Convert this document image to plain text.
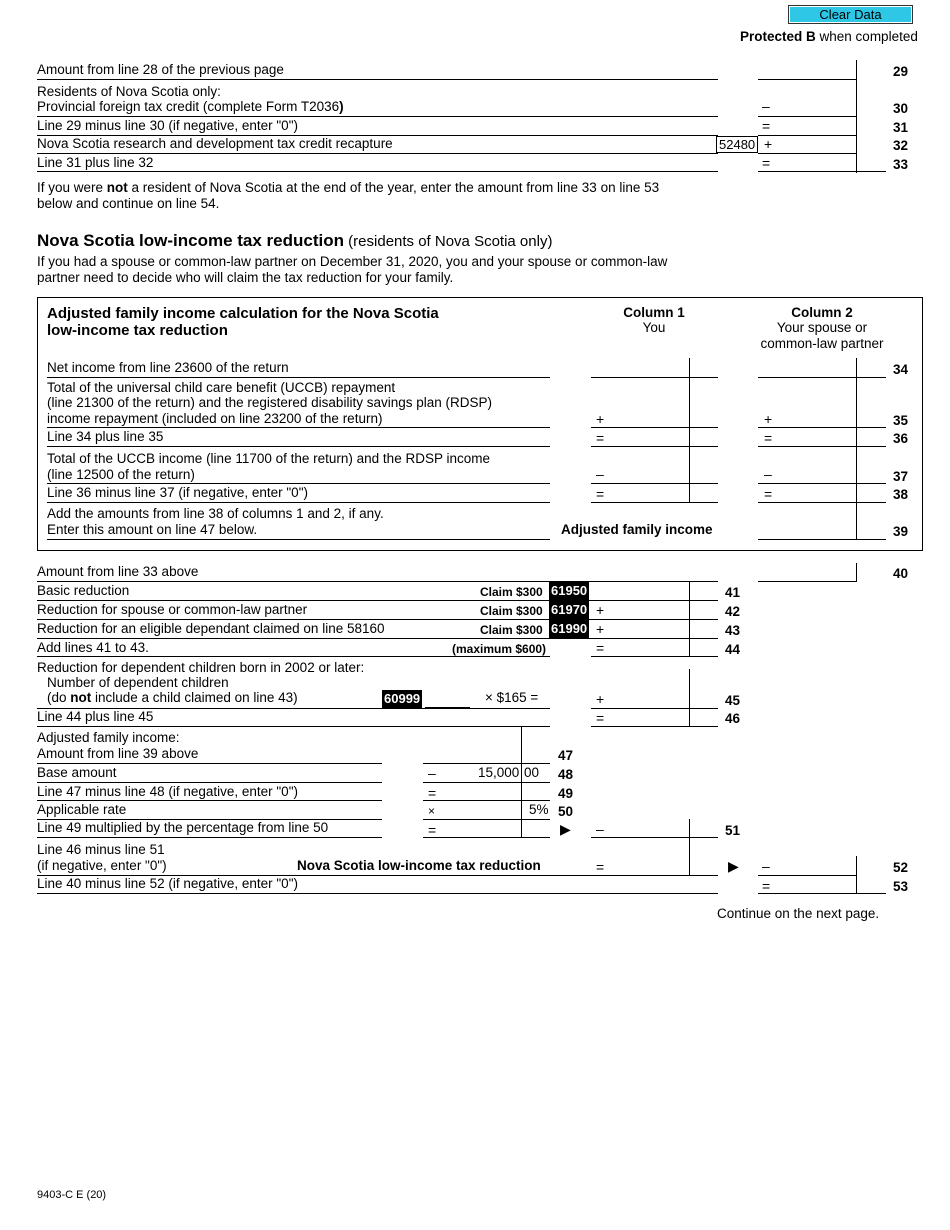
Clear Data
Protected B when completed
Amount from line 28 of the previous page	29
Residents of Nova Scotia only:
Provincial foreign tax credit (complete Form T2036)	–	30
Line 29 minus line 30 (if negative, enter "0")	=	31
Nova Scotia research and development tax credit recapture	52480 +	32
Line 31 plus line 32	=	33
If you were not a resident of Nova Scotia at the end of the year, enter the amount from line 33 on line 53
below and continue on line 54.
Nova Scotia low-income tax reduction (residents of Nova Scotia only)
If you had a spouse or common-law partner on December 31, 2020, you and your spouse or common-law
partner need to decide who will claim the tax reduction for your family.
Adjusted family income calculation for the Nova Scotia
low-income tax reduction
Column 1
You
Column 2
Your spouse or
common-law partner
Net income from line 23600 of the return	34
Total of the universal child care benefit (UCCB) repayment
(line 21300 of the return) and the registered disability savings plan (RDSP)
income repayment (included on line 23200 of the return)	+	+	35
Line 34 plus line 35	=	=	36
Total of the UCCB income (line 11700 of the return) and the RDSP income
(line 12500 of the return)	–	–	37
Line 36 minus line 37 (if negative, enter "0")	=	=	38
Add the amounts from line 38 of columns 1 and 2, if any.
Enter this amount on line 47 below.	Adjusted family income	39
Amount from line 33 above	40
Basic reduction	Claim $300 61950	41
Reduction for spouse or common-law partner	Claim $300 61970 +	42
Reduction for an eligible dependant claimed on line 58160	Claim $300 61990 +	43
Add lines 41 to 43.	(maximum $600)	=	44
Reduction for dependent children born in 2002 or later:
Number of dependent children
(do not include a child claimed on line 43)	60999	× $165 =	+	45
Line 44 plus line 45	=	46
Adjusted family income:
Amount from line 39 above	47
Base amount	–	15,000 00 48
Line 47 minus line 48 (if negative, enter "0")	=	49
Applicable rate	×	5% 50
Line 49 multiplied by the percentage from line 50	=	▶ –	51
Line 46 minus line 51
(if negative, enter "0")	Nova Scotia low-income tax reduction	=	▶ –	52
Line 40 minus line 52 (if negative, enter "0")	=	53
Continue on the next page.
9403-C E (20)
